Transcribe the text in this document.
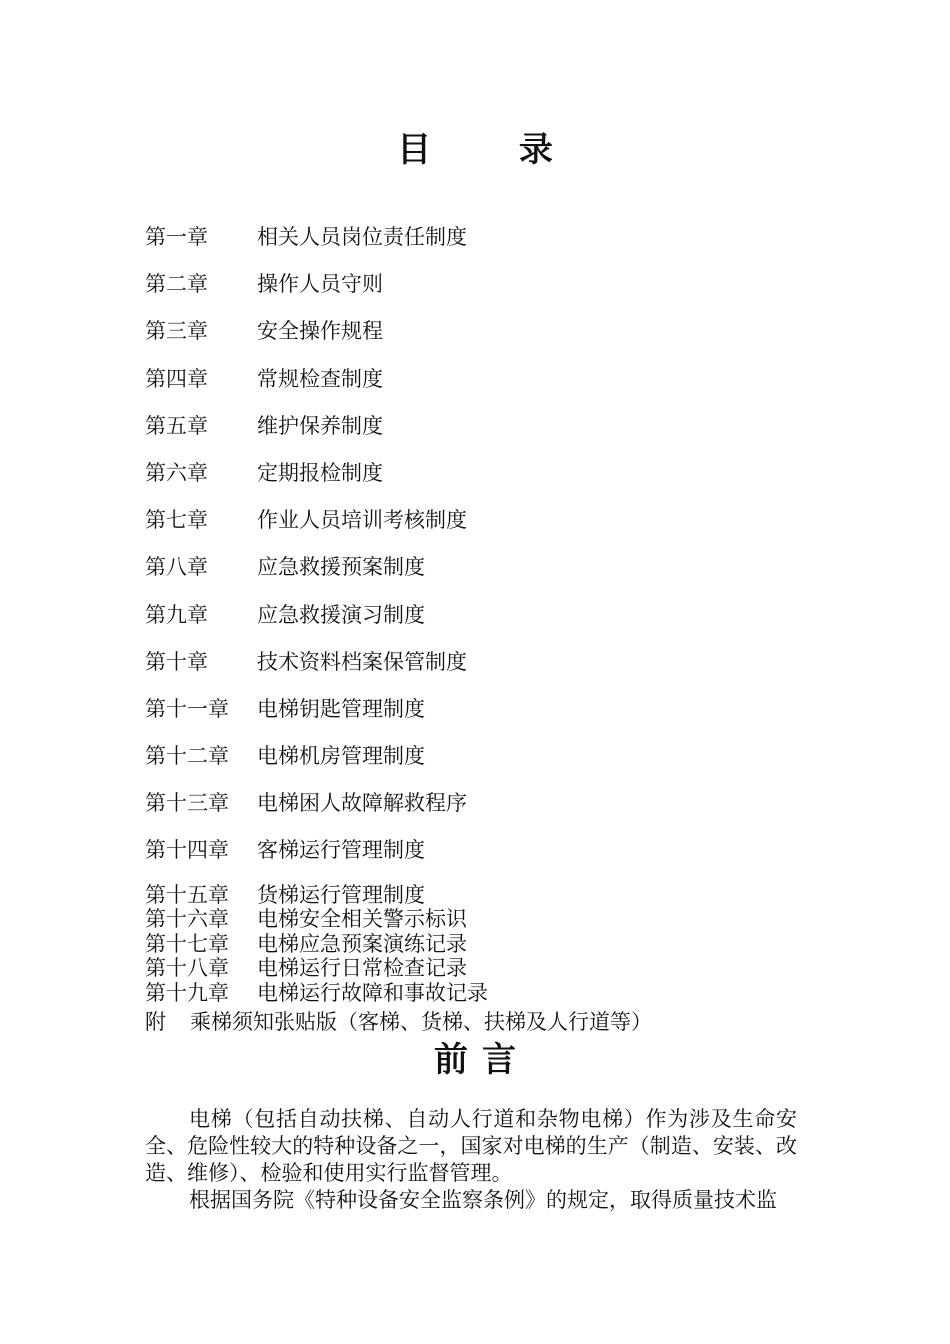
目 录
第一章 相关人员岗位责任制度
第二章 操作人员守则
第三章 安全操作规程
第四章 常规检查制度
第五章 维护保养制度
第六章 定期报检制度
第七章 作业人员培训考核制度
第八章 应急救援预案制度
第九章 应急救援演习制度
第十章 技术资料档案保管制度
第十一章 电梯钥匙管理制度
第十二章 电梯机房管理制度
第十三章 电梯困人故障解救程序
第十四章 客梯运行管理制度
第十五章 货梯运行管理制度
第十六章 电梯安全相关警示标识
第十七章 电梯应急预案演练记录
第十八章 电梯运行日常检查记录
第十九章 电梯运行故障和事故记录
附 乘梯须知张贴版（客梯、货梯、扶梯及人行道等）
前言

电梯（包括自动扶梯、自动人行道和杂物电梯）作为涉及生命安全、危险性较大的特种设备之一，国家对电梯的生产（制造、安装、改造、维修）、检验和使用实行监督管理。

根据国务院《特种设备安全监察条例》的规定，取得质量技术监
